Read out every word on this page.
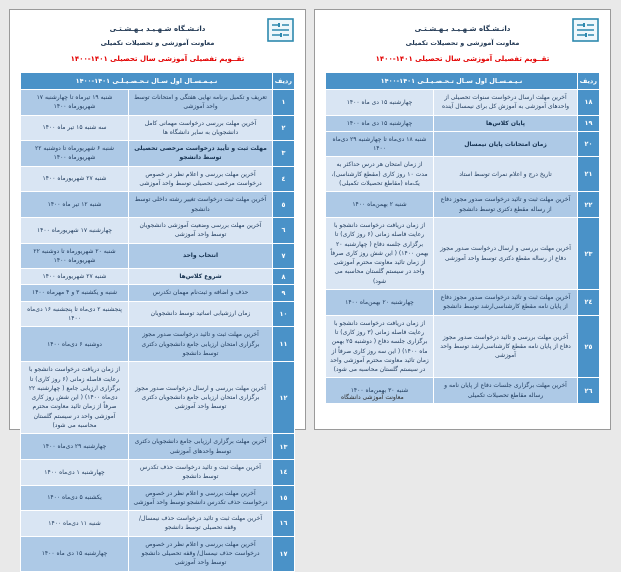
دانـشـگاه شـهـیـد بـهـشـتـی
معاونت آموزشی و تحصیلات تکمیلی
تقــویم تفصیلی آموزشی سال تحصیلی ۱۴۰۱-۱۴۰۰
ردیف	نـیـمـسـال اول سـال تـحـصـیـلـی ۱۴۰۱-۱۴۰۰	
١	تعریف و تکمیل برنامه نهایی هفتگی و امتحانات توسط واحد آموزشی	شنبه ۱۹ تیرماه تا چهارشنبه ۱۷ شهریورماه ۱۴۰۰
٢	آخرین مهلت بررسی درخواست مهمانی کامل دانشجویان به سایر دانشگاه ها	سه شنبه ۱۵ تیر ماه ۱۴۰۰
٣	مهلت ثبت و تأیید درخواست مرخصی تحصیلی توسط دانشجو	شنبه ۶ شهریورماه تا دوشنبه ۲۲ شهریورماه ۱۴۰۰
٤	آخرین مهلت بررسی و اعلام نظر در خصوص درخواست مرخصی تحصیلی توسط واحد آموزشی	شنبه ۲۷ شهریورماه ۱۴۰۰
٥	آخرین مهلت ثبت درخواست تغییر رشته داخلی توسط دانشجو	شنبه ۱۲ تیر ماه ۱۴۰۰
٦	آخرین مهلت بررسی وضعیت آموزشی دانشجویان توسط واحد آموزشی	چهارشنبه ۱۷ شهریورماه ۱۴۰۰
٧	انتخاب واحد	شنبه ۲۰ شهریورماه تا دوشنبه ۲۲ شهریورماه ۱۴۰۰
٨	شروع کلاس‌ها	شنبه ۲۷ شهریورماه ۱۴۰۰
٩	حذف و اضافه و ثبت‌نام مهمان تکدرس	شنبه و یکشنبه ۳ و ۴ مهرماه ۱۴۰۰
١٠	زمان ارزشیابی اساتید توسط دانشجویان	پنجشنبه ۲ دی‌ماه تا پنجشنبه ۱۶ دی‌ماه ۱۴۰۰
١١	آخرین مهلت ثبت و تائید درخواست صدور مجوز برگزاری امتحان ارزیابی جامع دانشجویان دکتری توسط دانشجو	دوشنبه ۶ دی‌ماه ۱۴۰۰
١٢	آخرین مهلت بررسی و ارسال درخواست صدور مجوز برگزاری امتحان ارزیابی جامع دانشجویان دکتری توسط واحد آموزشی	از زمان دریافت درخواست دانشجو با رعایت فاصله زمانی (۶ روز کاری) تا برگزاری ارزیابی جامع ( چهارشنبه ۲۲ دی‌ماه ۱۴۰۰) ( این شش روز کاری صرفاً از زمان تائید معاونت محترم آموزشی واحد در سیستم گلستان محاسبه می شود)
١٣	آخرین مهلت برگزاری ارزیابی جامع دانشجویان دکتری توسط واحدهای آموزشی	چهارشنبه ۲۹ دی‌ماه ۱۴۰۰
١٤	آخرین مهلت ثبت و تائید درخواست حذف تکدرس توسط دانشجو	چهارشنبه ۱ دی‌ماه ۱۴۰۰
١٥	آخرین مهلت بررسی و اعلام نظر در خصوص درخواست حذف تکدرس دانشجو توسط واحد آموزشی	یکشنبه ۵ دی‌ماه ۱۴۰۰
١٦	آخرین مهلت ثبت و تائید درخواست حذف نیمسال/ وقفه تحصیلی توسط دانشجو	شنبه ۱۱ دی‌ماه ۱۴۰۰
١٧	آخرین مهلت بررسی و اعلام نظر در خصوص درخواست حذف نیمسال/ وقفه تحصیلی دانشجو توسط واحد آموزشی	چهارشنبه ۱۵ دی ماه ۱۴۰۰
دانـشـگاه شـهـیـد بـهـشـتـی
معاونت آموزشی و تحصیلات تکمیلی
تقــویم تفصیلی آموزشی سال تحصیلی ۱۴۰۱-۱۴۰۰
ردیف	نـیـمـسـال اول سـال تـحـصـیـلـی ۱۴۰۱-۱۴۰۰	
١٨	آخرین مهلت ارسال درخواست سنوات تحصیلی از واحدهای آموزشی به آموزش کل برای نیمسال آینده	چهارشنبه ۱۵ دی ماه ۱۴۰۰
١٩	پایان کلاس‌ها	چهارشنبه ۱۵ دی ماه ۱۴۰۰
٢٠	زمان امتحانات پایان نیمسال	شنبه ۱۸ دی‌ماه تا چهارشنبه ۲۹ دی‌ماه ۱۴۰۰
٢١	تاریخ درج و اعلام نمرات توسط استاد	از زمان امتحان هر درس حداکثر به مدت ۱۰ روز کاری (مقطع کارشناسی)، یک‌ماه (مقاطع تحصیلات تکمیلی)
٢٢	آخرین مهلت ثبت و تائید درخواست صدور مجوز دفاع از رساله مقطع دکتری توسط دانشجو	شنبه ۲ بهمن‌ماه ۱۴۰۰
٢٣	آخرین مهلت بررسی و ارسال درخواست صدور مجوز دفاع از رساله مقطع دکتری توسط واحد آموزشی	از زمان دریافت درخواست دانشجو با رعایت فاصله زمانی (۶ روز کاری) تا برگزاری جلسه دفاع ( چهارشنبه ۲۰ بهمن ۱۴۰۰) ( این شش روز کاری صرفاً از زمان تائید معاونت محترم آموزشی واحد در سیستم گلستان محاسبه می شود)
٢٤	آخرین مهلت ثبت و تائید درخواست صدور مجوز دفاع از پایان نامه مقطع کارشناسی‌ارشد توسط دانشجو	چهارشنبه ۲۰ بهمن‌ماه ۱۴۰۰
٢٥	آخرین مهلت بررسی و تائید درخواست صدور مجوز دفاع از پایان نامه مقطع کارشناسی‌ارشد توسط واحد آموزشی	از زمان دریافت درخواست دانشجو با رعایت فاصله زمانی (۳ روز کاری) تا برگزاری جلسه دفاع ( دوشنبه ۲۵ بهمن ماه ۱۴۰۰) ( این سه روز کاری صرفاً از زمان تائید معاونت محترم آموزشی واحد در سیستم گلستان محاسبه می شود)
٢٦	آخرین مهلت برگزاری جلسات دفاع از پایان نامه و رساله مقاطع تحصیلات تکمیلی	شنبه ۳۰ بهمن‌ماه ۱۴۰۰
معاونت آموزشی دانشگاه
